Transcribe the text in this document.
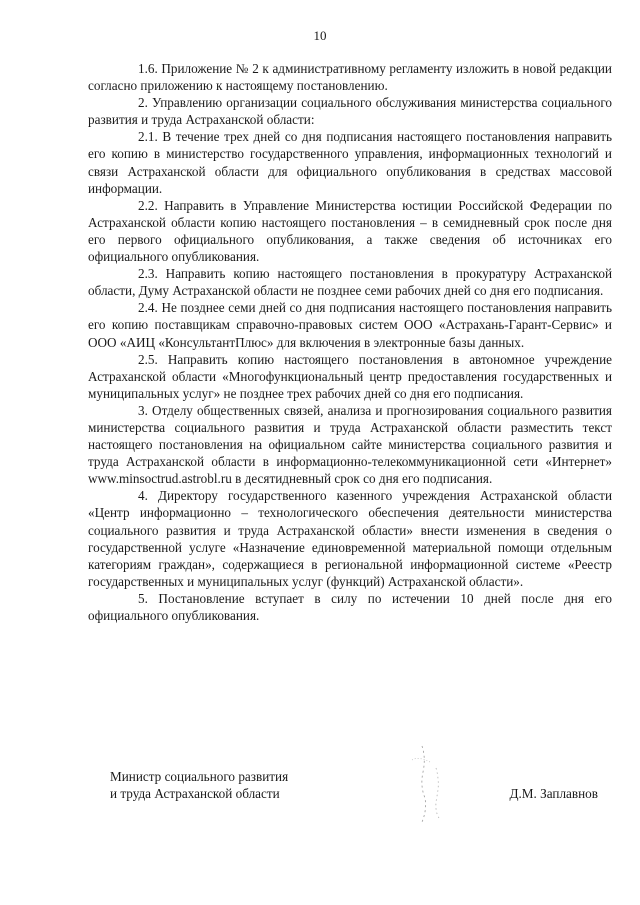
10

1.6. Приложение № 2 к административному регламенту изложить в новой редакции согласно приложению к настоящему постановлению.

2. Управлению организации социального обслуживания министерства социального развития и труда Астраханской области:

2.1. В течение трех дней со дня подписания настоящего постановления направить его копию в министерство государственного управления, информационных технологий и связи Астраханской области для официального опубликования в средствах массовой информации.

2.2. Направить в Управление Министерства юстиции Российской Федерации по Астраханской области копию настоящего постановления – в семидневный срок после дня его первого официального опубликования, а также сведения об источниках его официального опубликования.

2.3. Направить копию настоящего постановления в прокуратуру Астраханской области, Думу Астраханской области не позднее семи рабочих дней со дня его подписания.

2.4. Не позднее семи дней со дня подписания настоящего постановления направить его копию поставщикам справочно-правовых систем ООО «Астрахань-Гарант-Сервис» и ООО «АИЦ «КонсультантПлюс» для включения в электронные базы данных.

2.5. Направить копию настоящего постановления в автономное учреждение Астраханской области «Многофункциональный центр предоставления государственных и муниципальных услуг» не позднее трех рабочих дней со дня его подписания.

3. Отделу общественных связей, анализа и прогнозирования социального развития министерства социального развития и труда Астраханской области разместить текст настоящего постановления на официальном сайте министерства социального развития и труда Астраханской области в информационно-телекоммуникационной сети «Интернет» www.minsoctrud.astrobl.ru в десятидневный срок со дня его подписания.

4. Директору государственного казенного учреждения Астраханской области «Центр информационно – технологического обеспечения деятельности министерства социального развития и труда Астраханской области» внести изменения в сведения о государственной услуге «Назначение единовременной материальной помощи отдельным категориям граждан», содержащиеся в региональной информационной системе «Реестр государственных и муниципальных услуг (функций) Астраханской области».

5. Постановление вступает в силу по истечении 10 дней после дня его официального опубликования.

Министр социального развития
и труда Астраханской области	Д.М. Заплавнов
